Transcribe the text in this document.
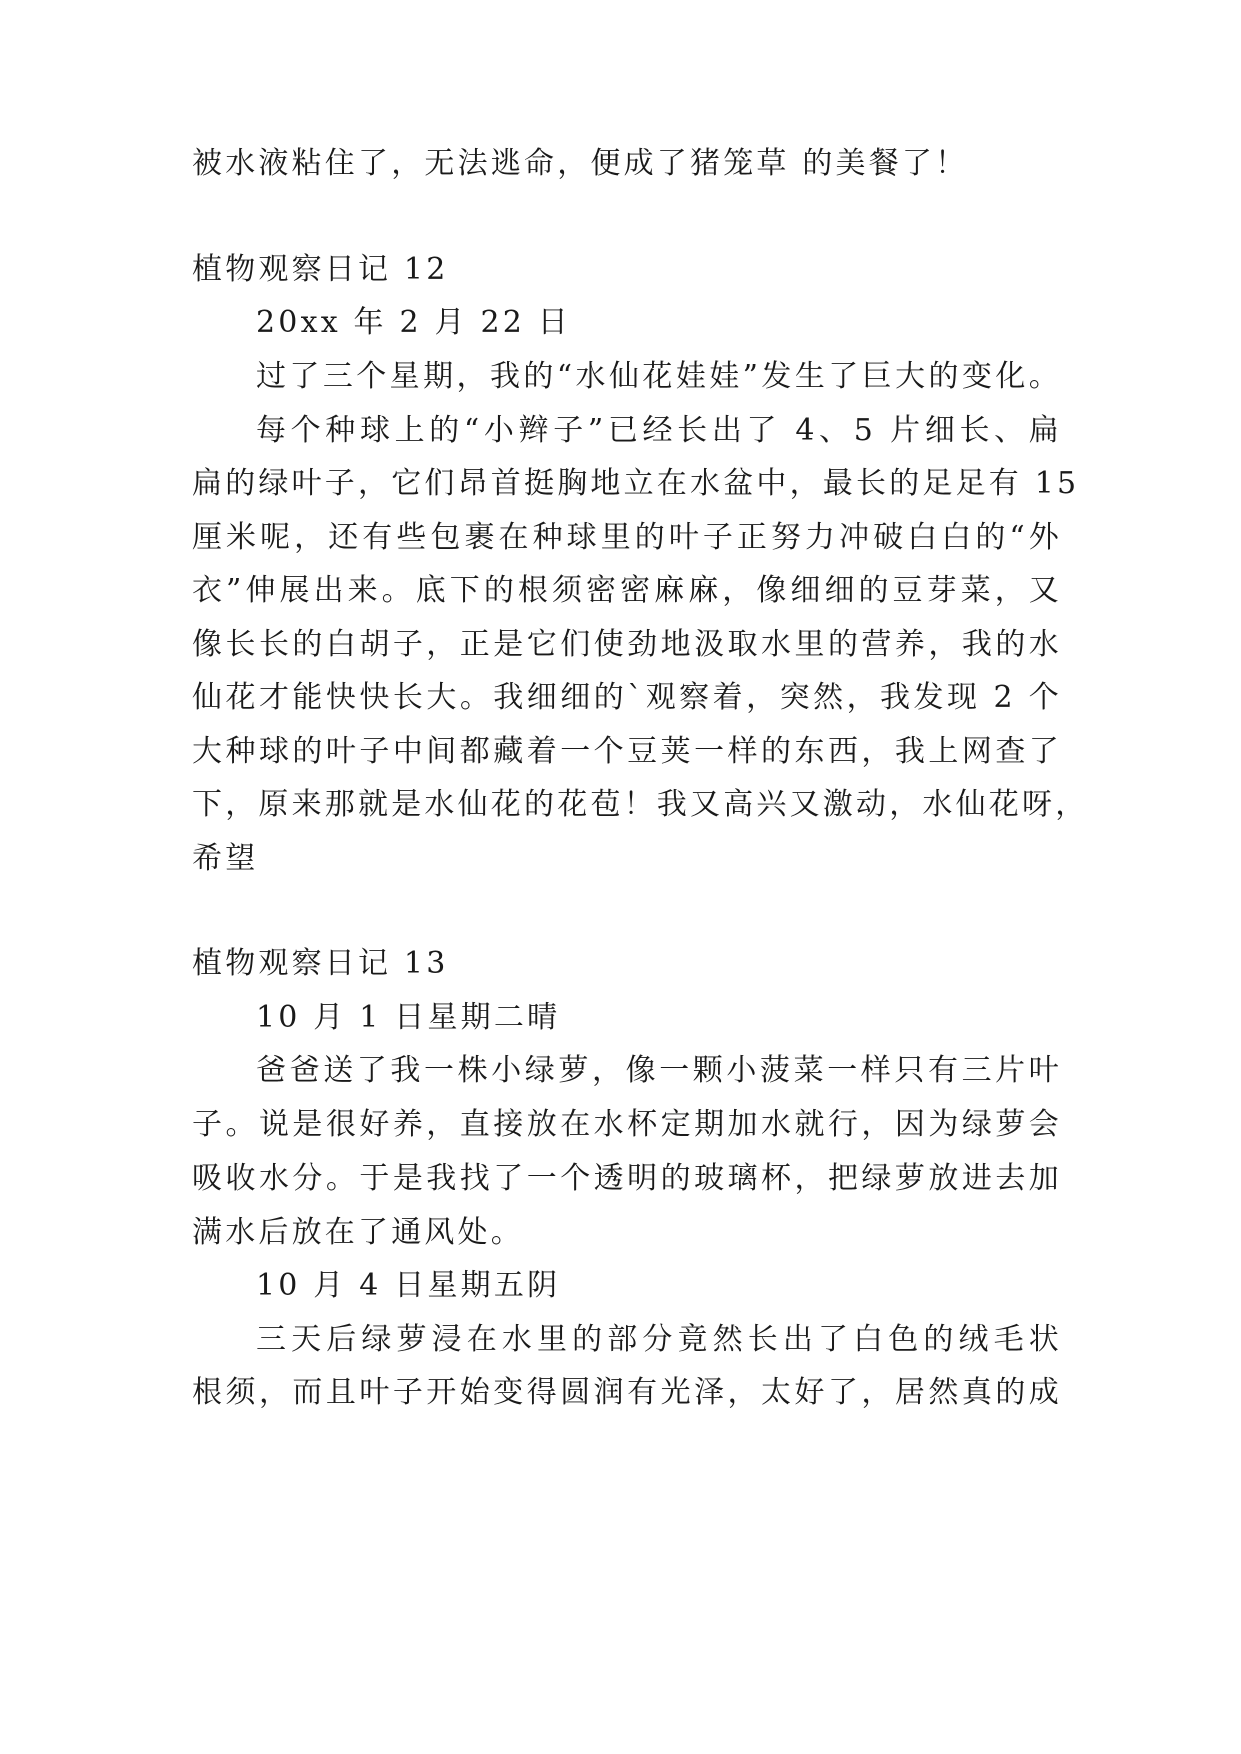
被水液粘住了，无法逃命，便成了猪笼草 的美餐了！
植物观察日记 12
20xx 年 2 月 22 日
过了三个星期，我的“水仙花娃娃”发生了巨大的变化。
每个种球上的“小辫子”已经长出了 4、5 片细长、扁
扁的绿叶子，它们昂首挺胸地立在水盆中，最长的足足有 15
厘米呢，还有些包裹在种球里的叶子正努力冲破白白的“外
衣”伸展出来。底下的根须密密麻麻，像细细的豆芽菜，又
像长长的白胡子，正是它们使劲地汲取水里的营养，我的水
仙花才能快快长大。我细细的`观察着，突然，我发现 2 个
大种球的叶子中间都藏着一个豆荚一样的东西，我上网查了
下，原来那就是水仙花的花苞！我又高兴又激动，水仙花呀，
希望
植物观察日记 13
10 月 1 日星期二晴
爸爸送了我一株小绿萝，像一颗小菠菜一样只有三片叶
子。说是很好养，直接放在水杯定期加水就行，因为绿萝会
吸收水分。于是我找了一个透明的玻璃杯，把绿萝放进去加
满水后放在了通风处。
10 月 4 日星期五阴
三天后绿萝浸在水里的部分竟然长出了白色的绒毛状
根须，而且叶子开始变得圆润有光泽，太好了，居然真的成
